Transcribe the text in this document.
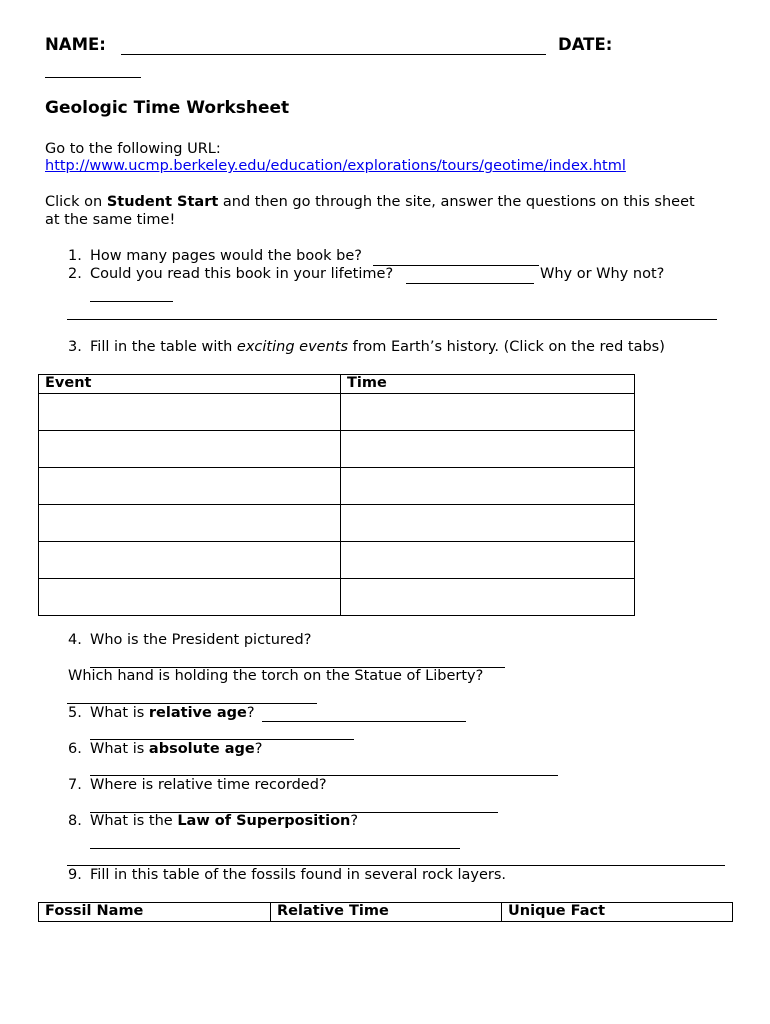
NAME:	DATE:
Geologic Time Worksheet
Go to the following URL:
http://www.ucmp.berkeley.edu/education/explorations/tours/geotime/index.html
Click on Student Start and then go through the site, answer the questions on this sheet
at the same time!
1. How many pages would the book be?
2. Could you read this book in your lifetime?	Why or Why not?
3. Fill in the table with exciting events from Earth’s history. (Click on the red tabs)
Event	Time

4. Who is the President pictured?
Which hand is holding the torch on the Statue of Liberty?
5. What is relative age?
6. What is absolute age?
7. Where is relative time recorded?
8. What is the Law of Superposition?
9. Fill in this table of the fossils found in several rock layers.
Fossil Name	Relative Time	Unique Fact
